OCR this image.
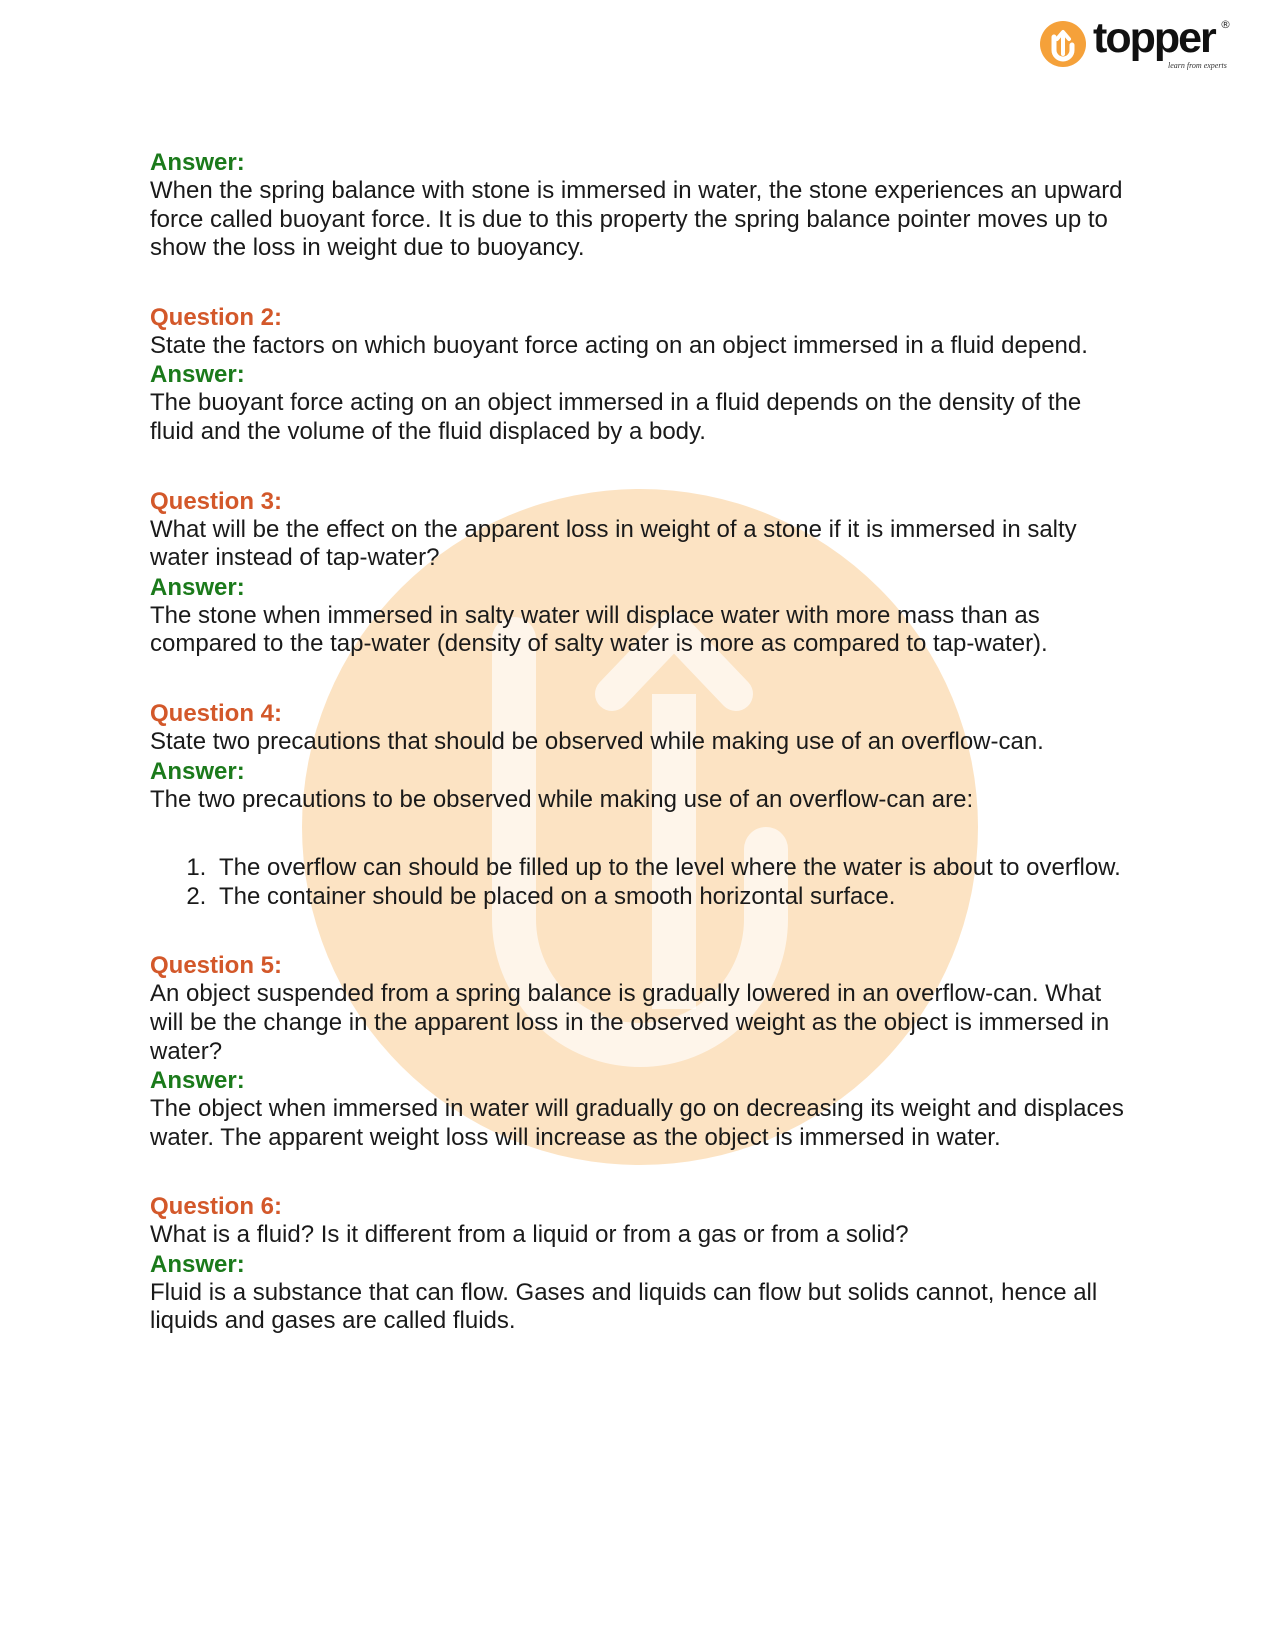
topper ®
learn from experts
Answer:

When the spring balance with stone is immersed in water, the stone experiences an upward force called buoyant force. It is due to this property the spring balance pointer moves up to show the loss in weight due to buoyancy.

Question 2:

State the factors on which buoyant force acting on an object immersed in a fluid depend.

Answer:

The buoyant force acting on an object immersed in a fluid depends on the density of the fluid and the volume of the fluid displaced by a body.

Question 3:

What will be the effect on the apparent loss in weight of a stone if it is immersed in salty water instead of tap-water?

Answer:

The stone when immersed in salty water will displace water with more mass than as compared to the tap-water (density of salty water is more as compared to tap-water).

Question 4:

State two precautions that should be observed while making use of an overflow-can.

Answer:

The two precautions to be observed while making use of an overflow-can are:

1. The overflow can should be filled up to the level where the water is about to overflow.
2. The container should be placed on a smooth horizontal surface.
Question 5:

An object suspended from a spring balance is gradually lowered in an overflow-can. What will be the change in the apparent loss in the observed weight as the object is immersed in water?

Answer:

The object when immersed in water will gradually go on decreasing its weight and displaces water. The apparent weight loss will increase as the object is immersed in water.

Question 6:

What is a fluid? Is it different from a liquid or from a gas or from a solid?

Answer:

Fluid is a substance that can flow. Gases and liquids can flow but solids cannot, hence all liquids and gases are called fluids.
